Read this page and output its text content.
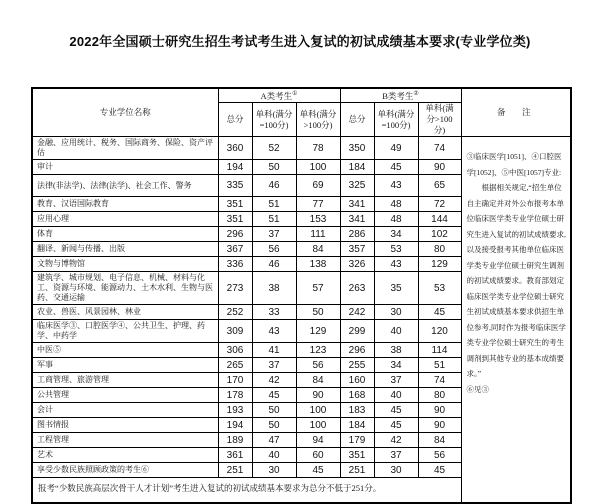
2022年全国硕士研究生招生考试考生进入复试的初试成绩基本要求(专业学位类)
专业学位名称	A类考生①			B类考生②			备　注
	总分	单科(满分=100分)	单科(满分>100分)	总分	单科(满分=100分)	单科(满分>100分)	
金融、应用统计、税务、国际商务、保险、资产评估	360	52	78	350	49	74	③临床医学[1051]、④口腔医学[1052]、⑤中医[1057]专业:

根据相关规定,“招生单位自主确定并对外公布报考本单位临床医学类专业学位硕士研究生进入复试的初试成绩要求,以及接受报考其他单位临床医学类专业学位硕士研究生调剂的初试成绩要求。教育部划定临床医学类专业学位硕士研究生初试成绩基本要求供招生单位参考,同时作为报考临床医学类专业学位硕士研究生的考生调剂到其他专业的基本成绩要求。”

⑥见③

审计	194	50	100	184	45	90	
法律(非法学)、法律(法学)、社会工作、警务	335	46	69	325	43	65	
教育、汉语国际教育	351	51	77	341	48	72	
应用心理	351	51	153	341	48	144	
体育	296	37	111	286	34	102	
翻译、新闻与传播、出版	367	56	84	357	53	80	
文物与博物馆	336	46	138	326	43	129	
建筑学、城市规划、电子信息、机械、材料与化工、资源与环境、能源动力、土木水利、生物与医药、交通运输	273	38	57	263	35	53	
农业、兽医、风景园林、林业	252	33	50	242	30	45	
临床医学③、口腔医学④、公共卫生、护理、药学、中药学	309	43	129	299	40	120	
中医⑤	306	41	123	296	38	114	
军事	265	37	56	255	34	51	
工商管理、旅游管理	170	42	84	160	37	74	
公共管理	178	45	90	168	40	80	
会计	193	50	100	183	45	90	
图书情报	194	50	100	184	45	90	
工程管理	189	47	94	179	42	84	
艺术	361	40	60	351	37	56	
享受少数民族照顾政策的考生⑥	251	30	45	251	30	45	
报考“少数民族高层次骨干人才计划”考生进入复试的初试成绩基本要求为总分不低于251分。							
